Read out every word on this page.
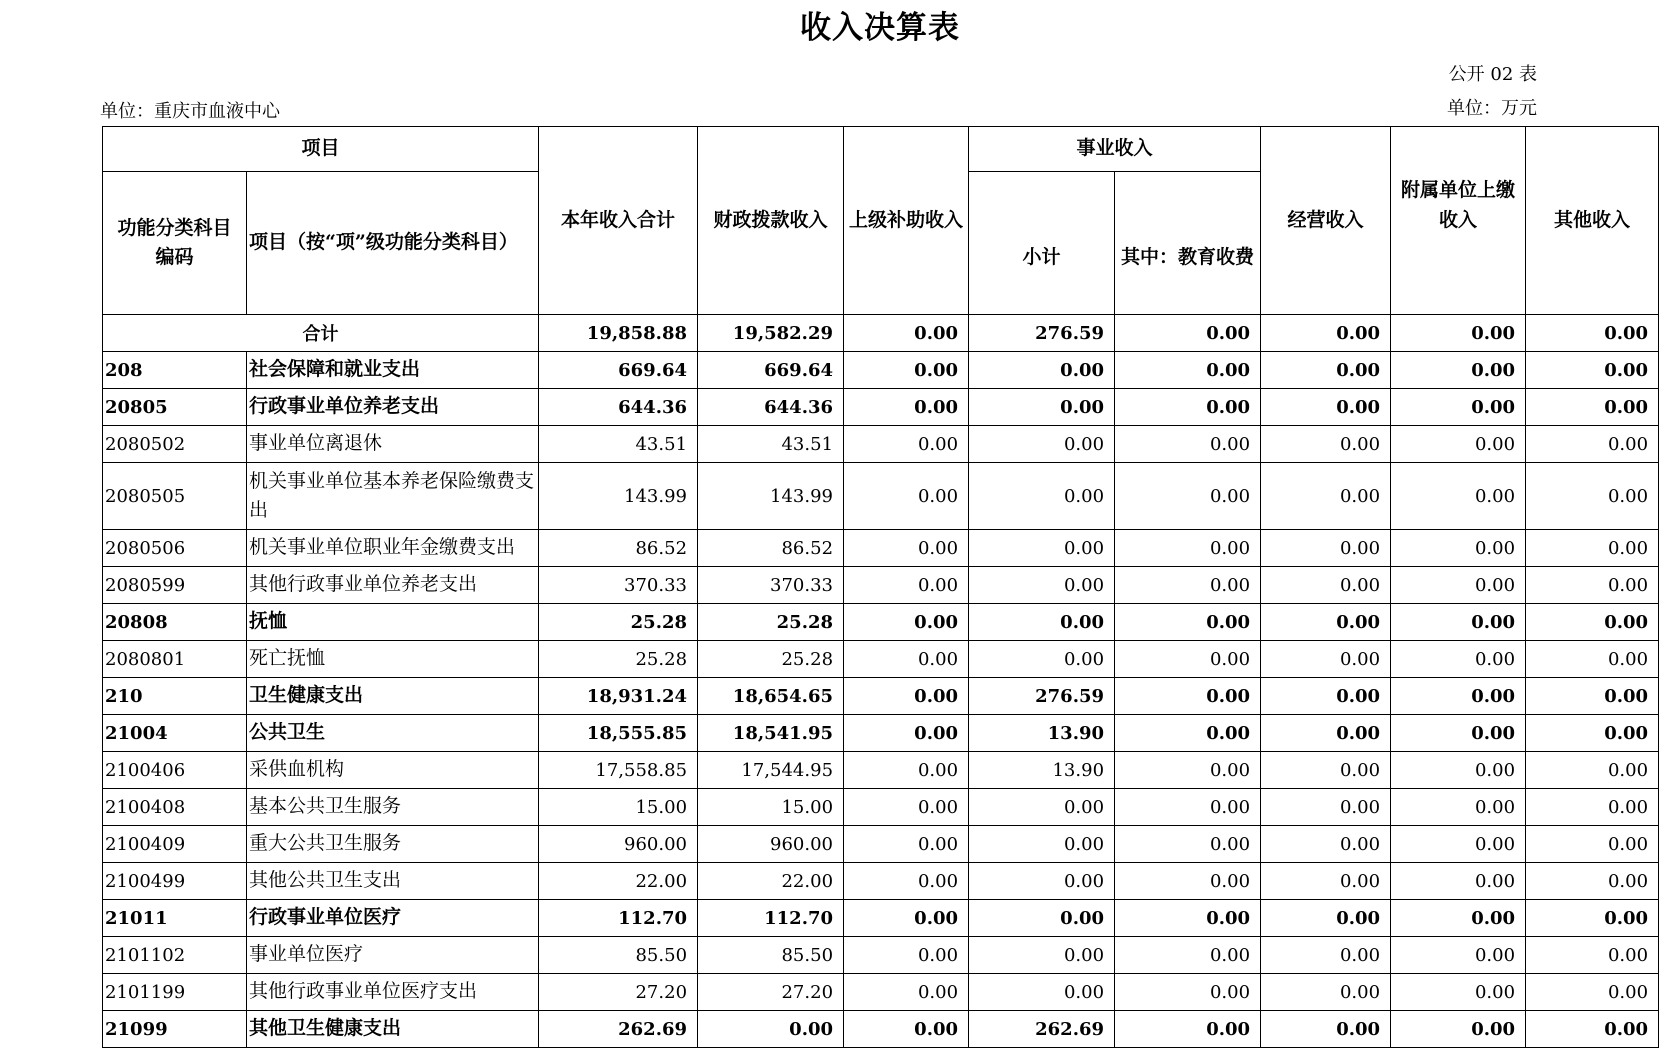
收入决算表
公开 02 表
单位：重庆市血液中心	单位：万元
项目		本年收入合计	财政拨款收入	上级补助收入	事业收入		经营收入	附属单位上缴收入	其他收入
功能分类科目编码	项目（按“项”级功能分类科目）				小计	其中：教育收费			
合计		19,858.88	19,582.29	0.00	276.59	0.00	0.00	0.00	0.00
208	社会保障和就业支出	669.64	669.64	0.00	0.00	0.00	0.00	0.00	0.00
20805	行政事业单位养老支出	644.36	644.36	0.00	0.00	0.00	0.00	0.00	0.00
2080502	事业单位离退休	43.51	43.51	0.00	0.00	0.00	0.00	0.00	0.00
2080505	机关事业单位基本养老保险缴费支出	143.99	143.99	0.00	0.00	0.00	0.00	0.00	0.00
2080506	机关事业单位职业年金缴费支出	86.52	86.52	0.00	0.00	0.00	0.00	0.00	0.00
2080599	其他行政事业单位养老支出	370.33	370.33	0.00	0.00	0.00	0.00	0.00	0.00
20808	抚恤	25.28	25.28	0.00	0.00	0.00	0.00	0.00	0.00
2080801	死亡抚恤	25.28	25.28	0.00	0.00	0.00	0.00	0.00	0.00
210	卫生健康支出	18,931.24	18,654.65	0.00	276.59	0.00	0.00	0.00	0.00
21004	公共卫生	18,555.85	18,541.95	0.00	13.90	0.00	0.00	0.00	0.00
2100406	采供血机构	17,558.85	17,544.95	0.00	13.90	0.00	0.00	0.00	0.00
2100408	基本公共卫生服务	15.00	15.00	0.00	0.00	0.00	0.00	0.00	0.00
2100409	重大公共卫生服务	960.00	960.00	0.00	0.00	0.00	0.00	0.00	0.00
2100499	其他公共卫生支出	22.00	22.00	0.00	0.00	0.00	0.00	0.00	0.00
21011	行政事业单位医疗	112.70	112.70	0.00	0.00	0.00	0.00	0.00	0.00
2101102	事业单位医疗	85.50	85.50	0.00	0.00	0.00	0.00	0.00	0.00
2101199	其他行政事业单位医疗支出	27.20	27.20	0.00	0.00	0.00	0.00	0.00	0.00
21099	其他卫生健康支出	262.69	0.00	0.00	262.69	0.00	0.00	0.00	0.00
